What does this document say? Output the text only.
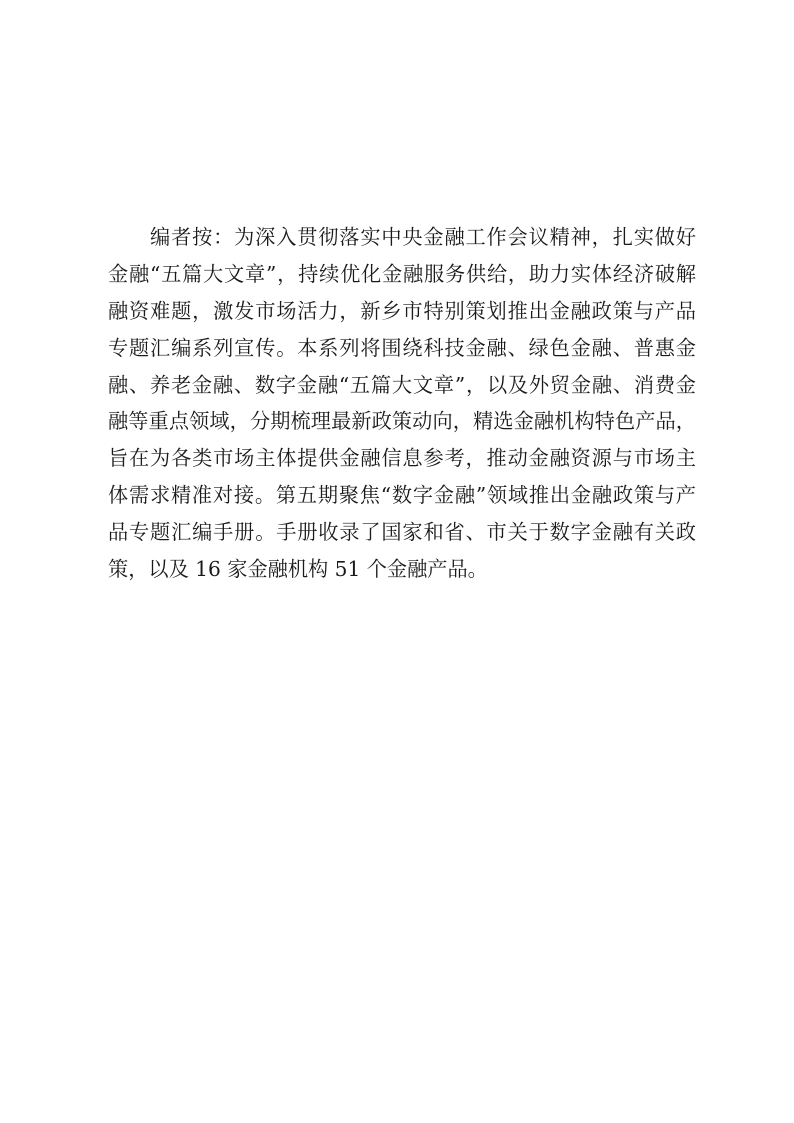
编者按：为深入贯彻落实中央金融工作会议精神，扎实做好
金融“五篇大文章”，持续优化金融服务供给，助力实体经济破解
融资难题，激发市场活力，新乡市特别策划推出金融政策与产品
专题汇编系列宣传。本系列将围绕科技金融、绿色金融、普惠金
融、养老金融、数字金融“五篇大文章”，以及外贸金融、消费金
融等重点领域，分期梳理最新政策动向，精选金融机构特色产品，
旨在为各类市场主体提供金融信息参考，推动金融资源与市场主
体需求精准对接。第五期聚焦“数字金融”领域推出金融政策与产
品专题汇编手册。手册收录了国家和省、市关于数字金融有关政
策，以及 16 家金融机构 51 个金融产品。
